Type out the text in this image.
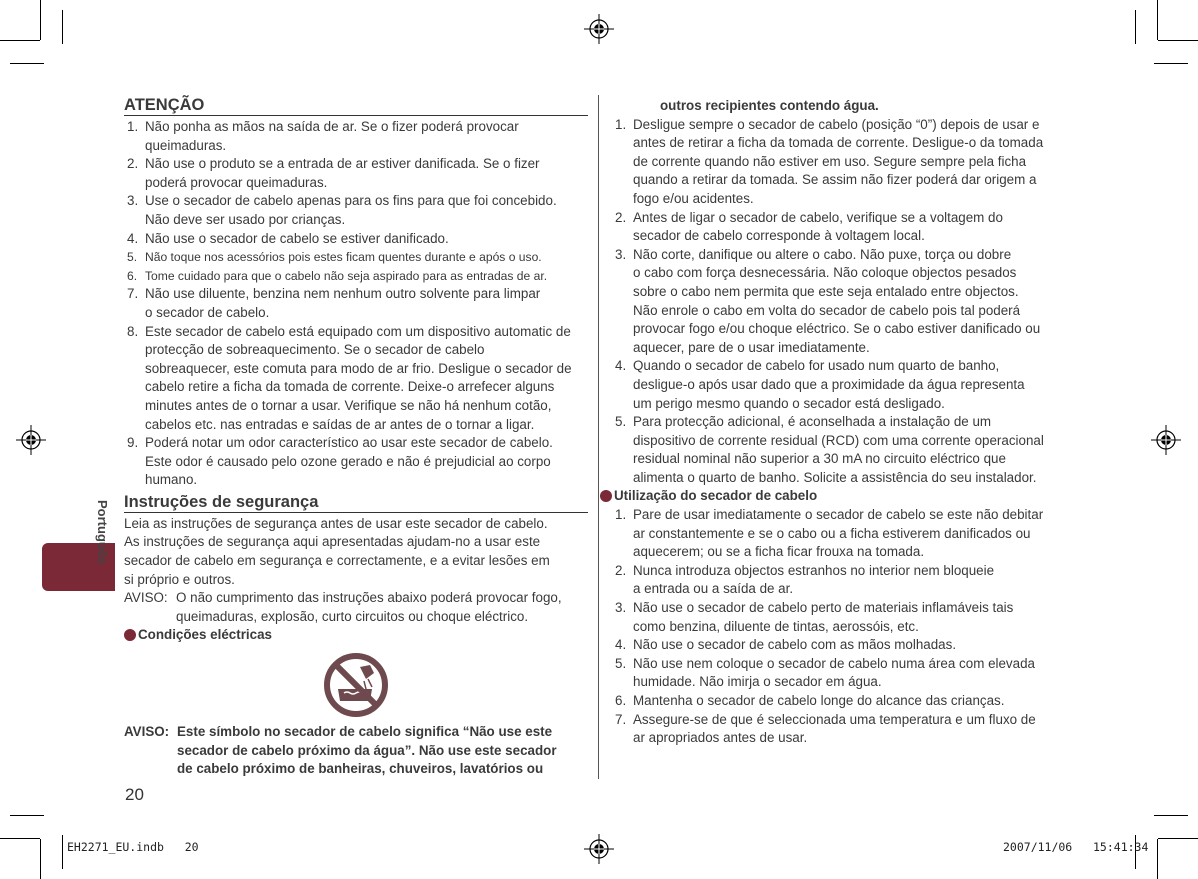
Português
ATENÇÃO
1. Não ponha as mãos na saída de ar. Se o fizer poderá provocar
queimaduras.
2. Não use o produto se a entrada de ar estiver danificada. Se o fizer
poderá provocar queimaduras.
3. Use o secador de cabelo apenas para os fins para que foi concebido.
Não deve ser usado por crianças.
4. Não use o secador de cabelo se estiver danificado.
5. Não toque nos acessórios pois estes ficam quentes durante e após o uso.
6. Tome cuidado para que o cabelo não seja aspirado para as entradas de ar.
7. Não use diluente, benzina nem nenhum outro solvente para limpar
o secador de cabelo.
8. Este secador de cabelo está equipado com um dispositivo automatic de
protecção de sobreaquecimento. Se o secador de cabelo
sobreaquecer, este comuta para modo de ar frio. Desligue o secador de
cabelo retire a ficha da tomada de corrente. Deixe-o arrefecer alguns
minutes antes de o tornar a usar. Verifique se não há nenhum cotão,
cabelos etc. nas entradas e saídas de ar antes de o tornar a ligar.
9. Poderá notar um odor característico ao usar este secador de cabelo.
Este odor é causado pelo ozone gerado e não é prejudicial ao corpo
humano.
Instruções de segurança
Leia as instruções de segurança antes de usar este secador de cabelo.
As instruções de segurança aqui apresentadas ajudam-no a usar este
secador de cabelo em segurança e correctamente, e a evitar lesões em
si próprio e outros.
AVISO: O não cumprimento das instruções abaixo poderá provocar fogo,
queimaduras, explosão, curto circuitos ou choque eléctrico.
Condições eléctricas
AVISO: Este símbolo no secador de cabelo significa “Não use este
secador de cabelo próximo da água”. Não use este secador
de cabelo próximo de banheiras, chuveiros, lavatórios ou
outros recipientes contendo água.
1. Desligue sempre o secador de cabelo (posição “0”) depois de usar e
antes de retirar a ficha da tomada de corrente. Desligue-o da tomada
de corrente quando não estiver em uso. Segure sempre pela ficha
quando a retirar da tomada. Se assim não fizer poderá dar origem a
fogo e/ou acidentes.
2. Antes de ligar o secador de cabelo, verifique se a voltagem do
secador de cabelo corresponde à voltagem local.
3. Não corte, danifique ou altere o cabo. Não puxe, torça ou dobre
o cabo com força desnecessária. Não coloque objectos pesados
sobre o cabo nem permita que este seja entalado entre objectos.
Não enrole o cabo em volta do secador de cabelo pois tal poderá
provocar fogo e/ou choque eléctrico. Se o cabo estiver danificado ou
aquecer, pare de o usar imediatamente.
4. Quando o secador de cabelo for usado num quarto de banho,
desligue-o após usar dado que a proximidade da água representa
um perigo mesmo quando o secador está desligado.
5. Para protecção adicional, é aconselhada a instalação de um
dispositivo de corrente residual (RCD) com uma corrente operacional
residual nominal não superior a 30 mA no circuito eléctrico que
alimenta o quarto de banho. Solicite a assistência do seu instalador.
Utilização do secador de cabelo
1. Pare de usar imediatamente o secador de cabelo se este não debitar
ar constantemente e se o cabo ou a ficha estiverem danificados ou
aquecerem; ou se a ficha ficar frouxa na tomada.
2. Nunca introduza objectos estranhos no interior nem bloqueie
a entrada ou a saída de ar.
3. Não use o secador de cabelo perto de materiais inflamáveis tais
como benzina, diluente de tintas, aerossóis, etc.
4. Não use o secador de cabelo com as mãos molhadas.
5. Não use nem coloque o secador de cabelo numa área com elevada
humidade. Não imirja o secador em água.
6. Mantenha o secador de cabelo longe do alcance das crianças.
7. Assegure-se de que é seleccionada uma temperatura e um fluxo de
ar apropriados antes de usar.
20
EH2271_EU.indb   20	2007/11/06   15:41:34
